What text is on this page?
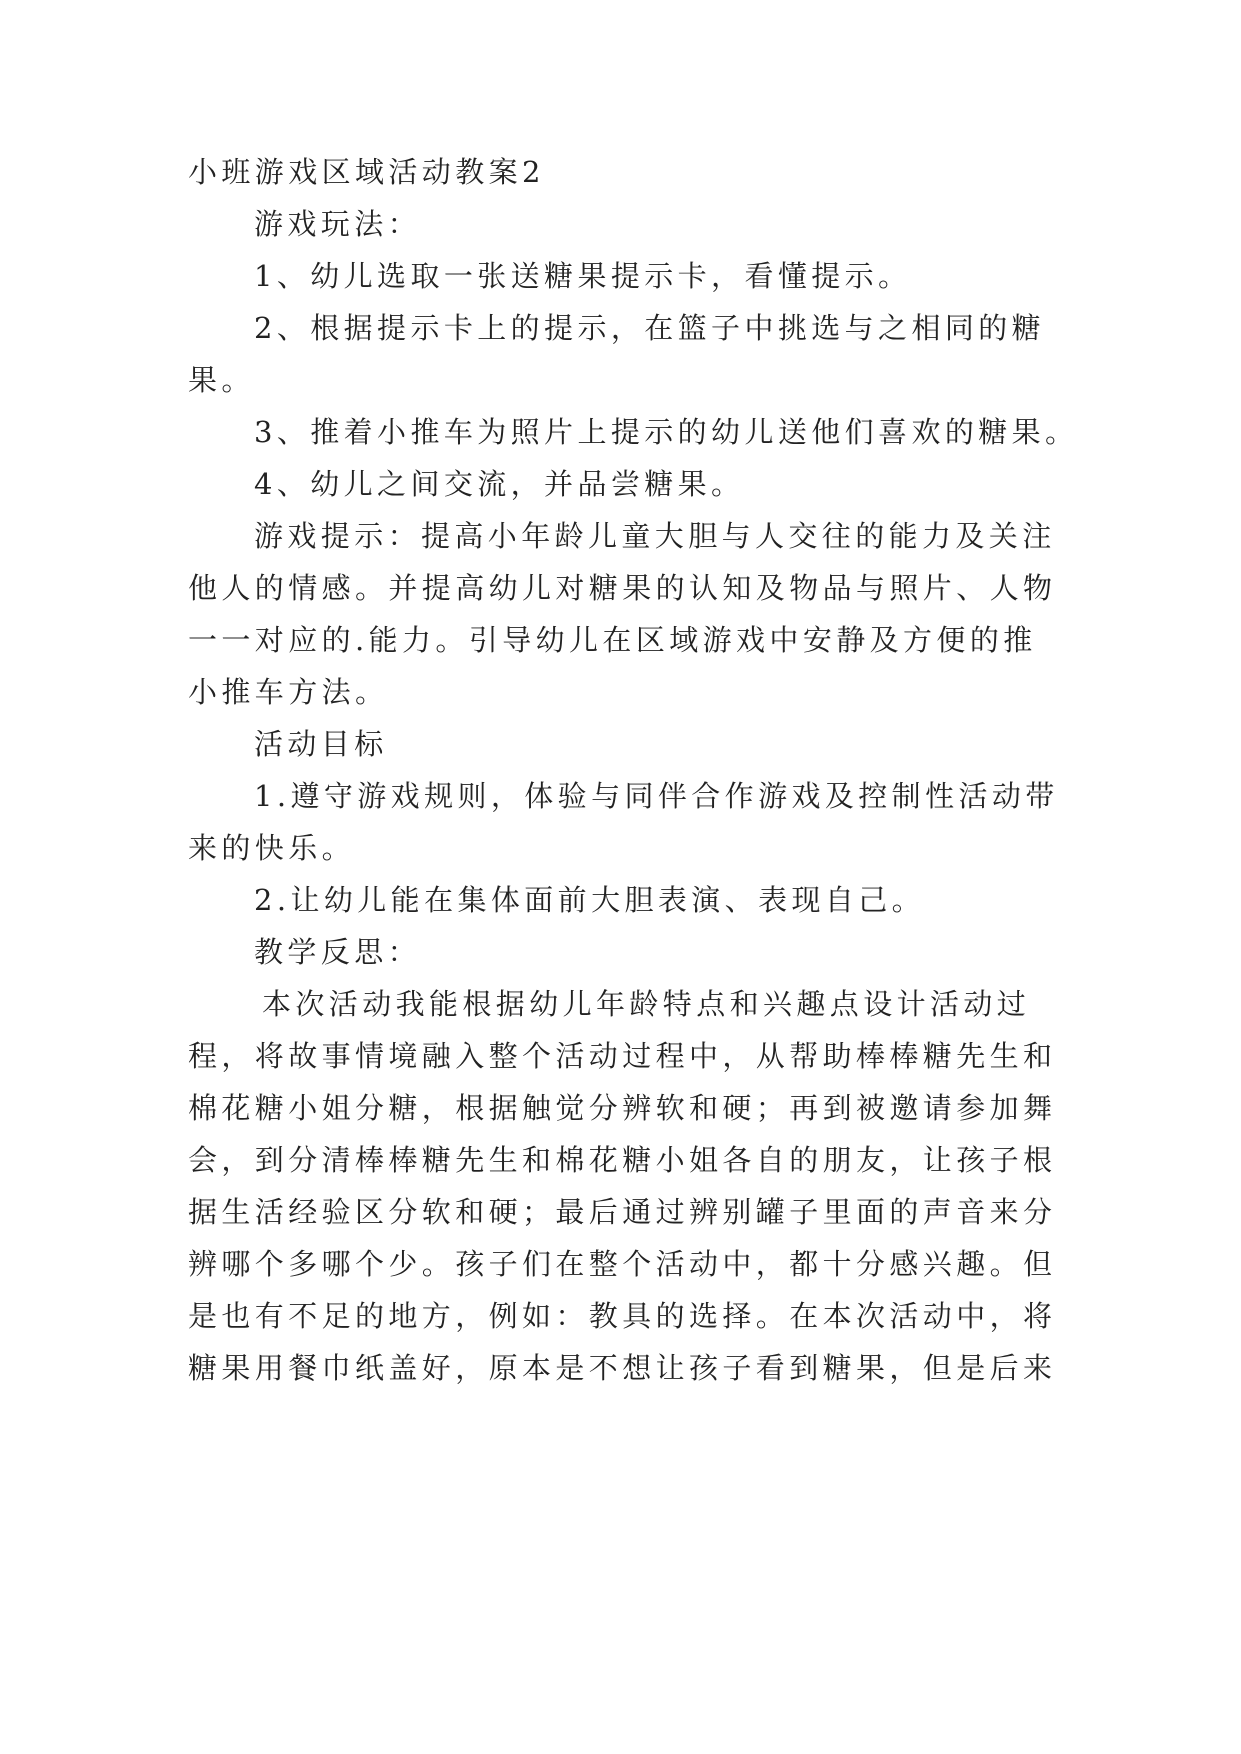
小班游戏区域活动教案2
游戏玩法：
1、幼儿选取一张送糖果提示卡，看懂提示。
2、根据提示卡上的提示，在篮子中挑选与之相同的糖
果。
3、推着小推车为照片上提示的幼儿送他们喜欢的糖果。
4、幼儿之间交流，并品尝糖果。
游戏提示：提高小年龄儿童大胆与人交往的能力及关注
他人的情感。并提高幼儿对糖果的认知及物品与照片、人物
一一对应的.能力。引导幼儿在区域游戏中安静及方便的推
小推车方法。
活动目标
1.遵守游戏规则，体验与同伴合作游戏及控制性活动带
来的快乐。
2.让幼儿能在集体面前大胆表演、表现自己。
教学反思：
本次活动我能根据幼儿年龄特点和兴趣点设计活动过
程，将故事情境融入整个活动过程中，从帮助棒棒糖先生和
棉花糖小姐分糖，根据触觉分辨软和硬；再到被邀请参加舞
会，到分清棒棒糖先生和棉花糖小姐各自的朋友，让孩子根
据生活经验区分软和硬；最后通过辨别罐子里面的声音来分
辨哪个多哪个少。孩子们在整个活动中，都十分感兴趣。但
是也有不足的地方，例如：教具的选择。在本次活动中，将
糖果用餐巾纸盖好，原本是不想让孩子看到糖果，但是后来
